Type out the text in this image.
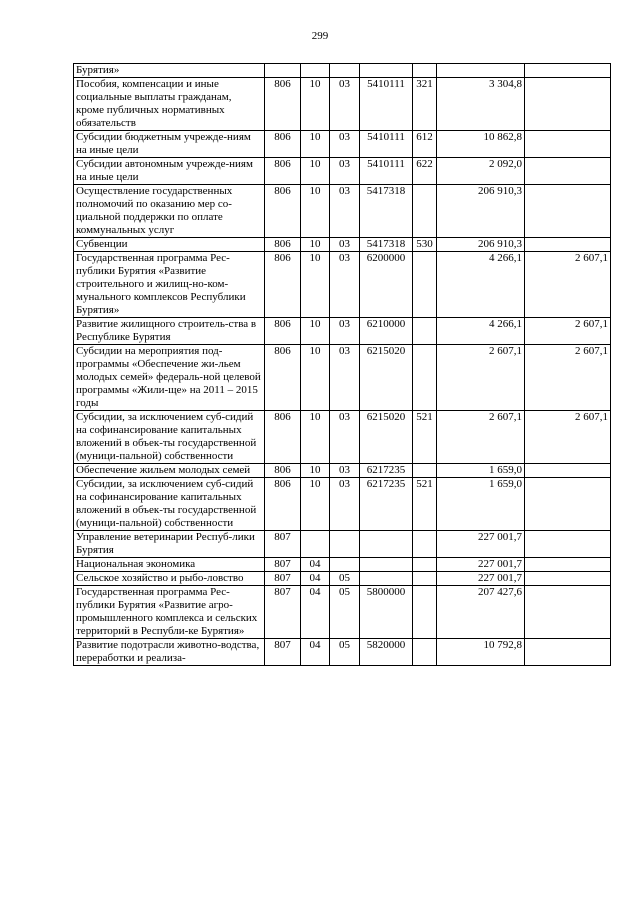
299
Бурятия»							
Пособия, компенсации и иные социальные выплаты гражданам, кроме публичных нормативных обязательств	806	10	03	5410111	321	3 304,8	
Субсидии бюджетным учрежде-ниям на иные цели	806	10	03	5410111	612	10 862,8	
Субсидии автономным учрежде-ниям на иные цели	806	10	03	5410111	622	2 092,0	
Осуществление государственных полномочий по оказанию мер со-циальной поддержки по оплате коммунальных услуг	806	10	03	5417318		206 910,3	
Субвенции	806	10	03	5417318	530	206 910,3	
Государственная программа Рес-публики Бурятия «Развитие строительного и жилищ-но-ком-мунального комплексов Республики Бурятия»	806	10	03	6200000		4 266,1	2 607,1
Развитие жилищного строитель-ства в Республике Бурятия	806	10	03	6210000		4 266,1	2 607,1
Субсидии на мероприятия под-программы «Обеспечение жи-льем молодых семей» федераль-ной целевой программы «Жили-ще» на 2011 – 2015 годы	806	10	03	6215020		2 607,1	2 607,1
Субсидии, за исключением суб-сидий на софинансирование капитальных вложений в объек-ты государственной (муници-пальной) собственности	806	10	03	6215020	521	2 607,1	2 607,1
Обеспечение жильем молодых семей	806	10	03	6217235		1 659,0	
Субсидии, за исключением суб-сидий на софинансирование капитальных вложений в объек-ты государственной (муници-пальной) собственности	806	10	03	6217235	521	1 659,0	
Управление ветеринарии Респуб-лики Бурятия	807					227 001,7	
Национальная экономика	807	04				227 001,7	
Сельское хозяйство и рыбо-ловство	807	04	05			227 001,7	
Государственная программа Рес-публики Бурятия «Развитие агро-промышленного комплекса и сельских территорий в Республи-ке Бурятия»	807	04	05	5800000		207 427,6	
Развитие подотрасли животно-водства, переработки и реализа-	807	04	05	5820000		10 792,8	
